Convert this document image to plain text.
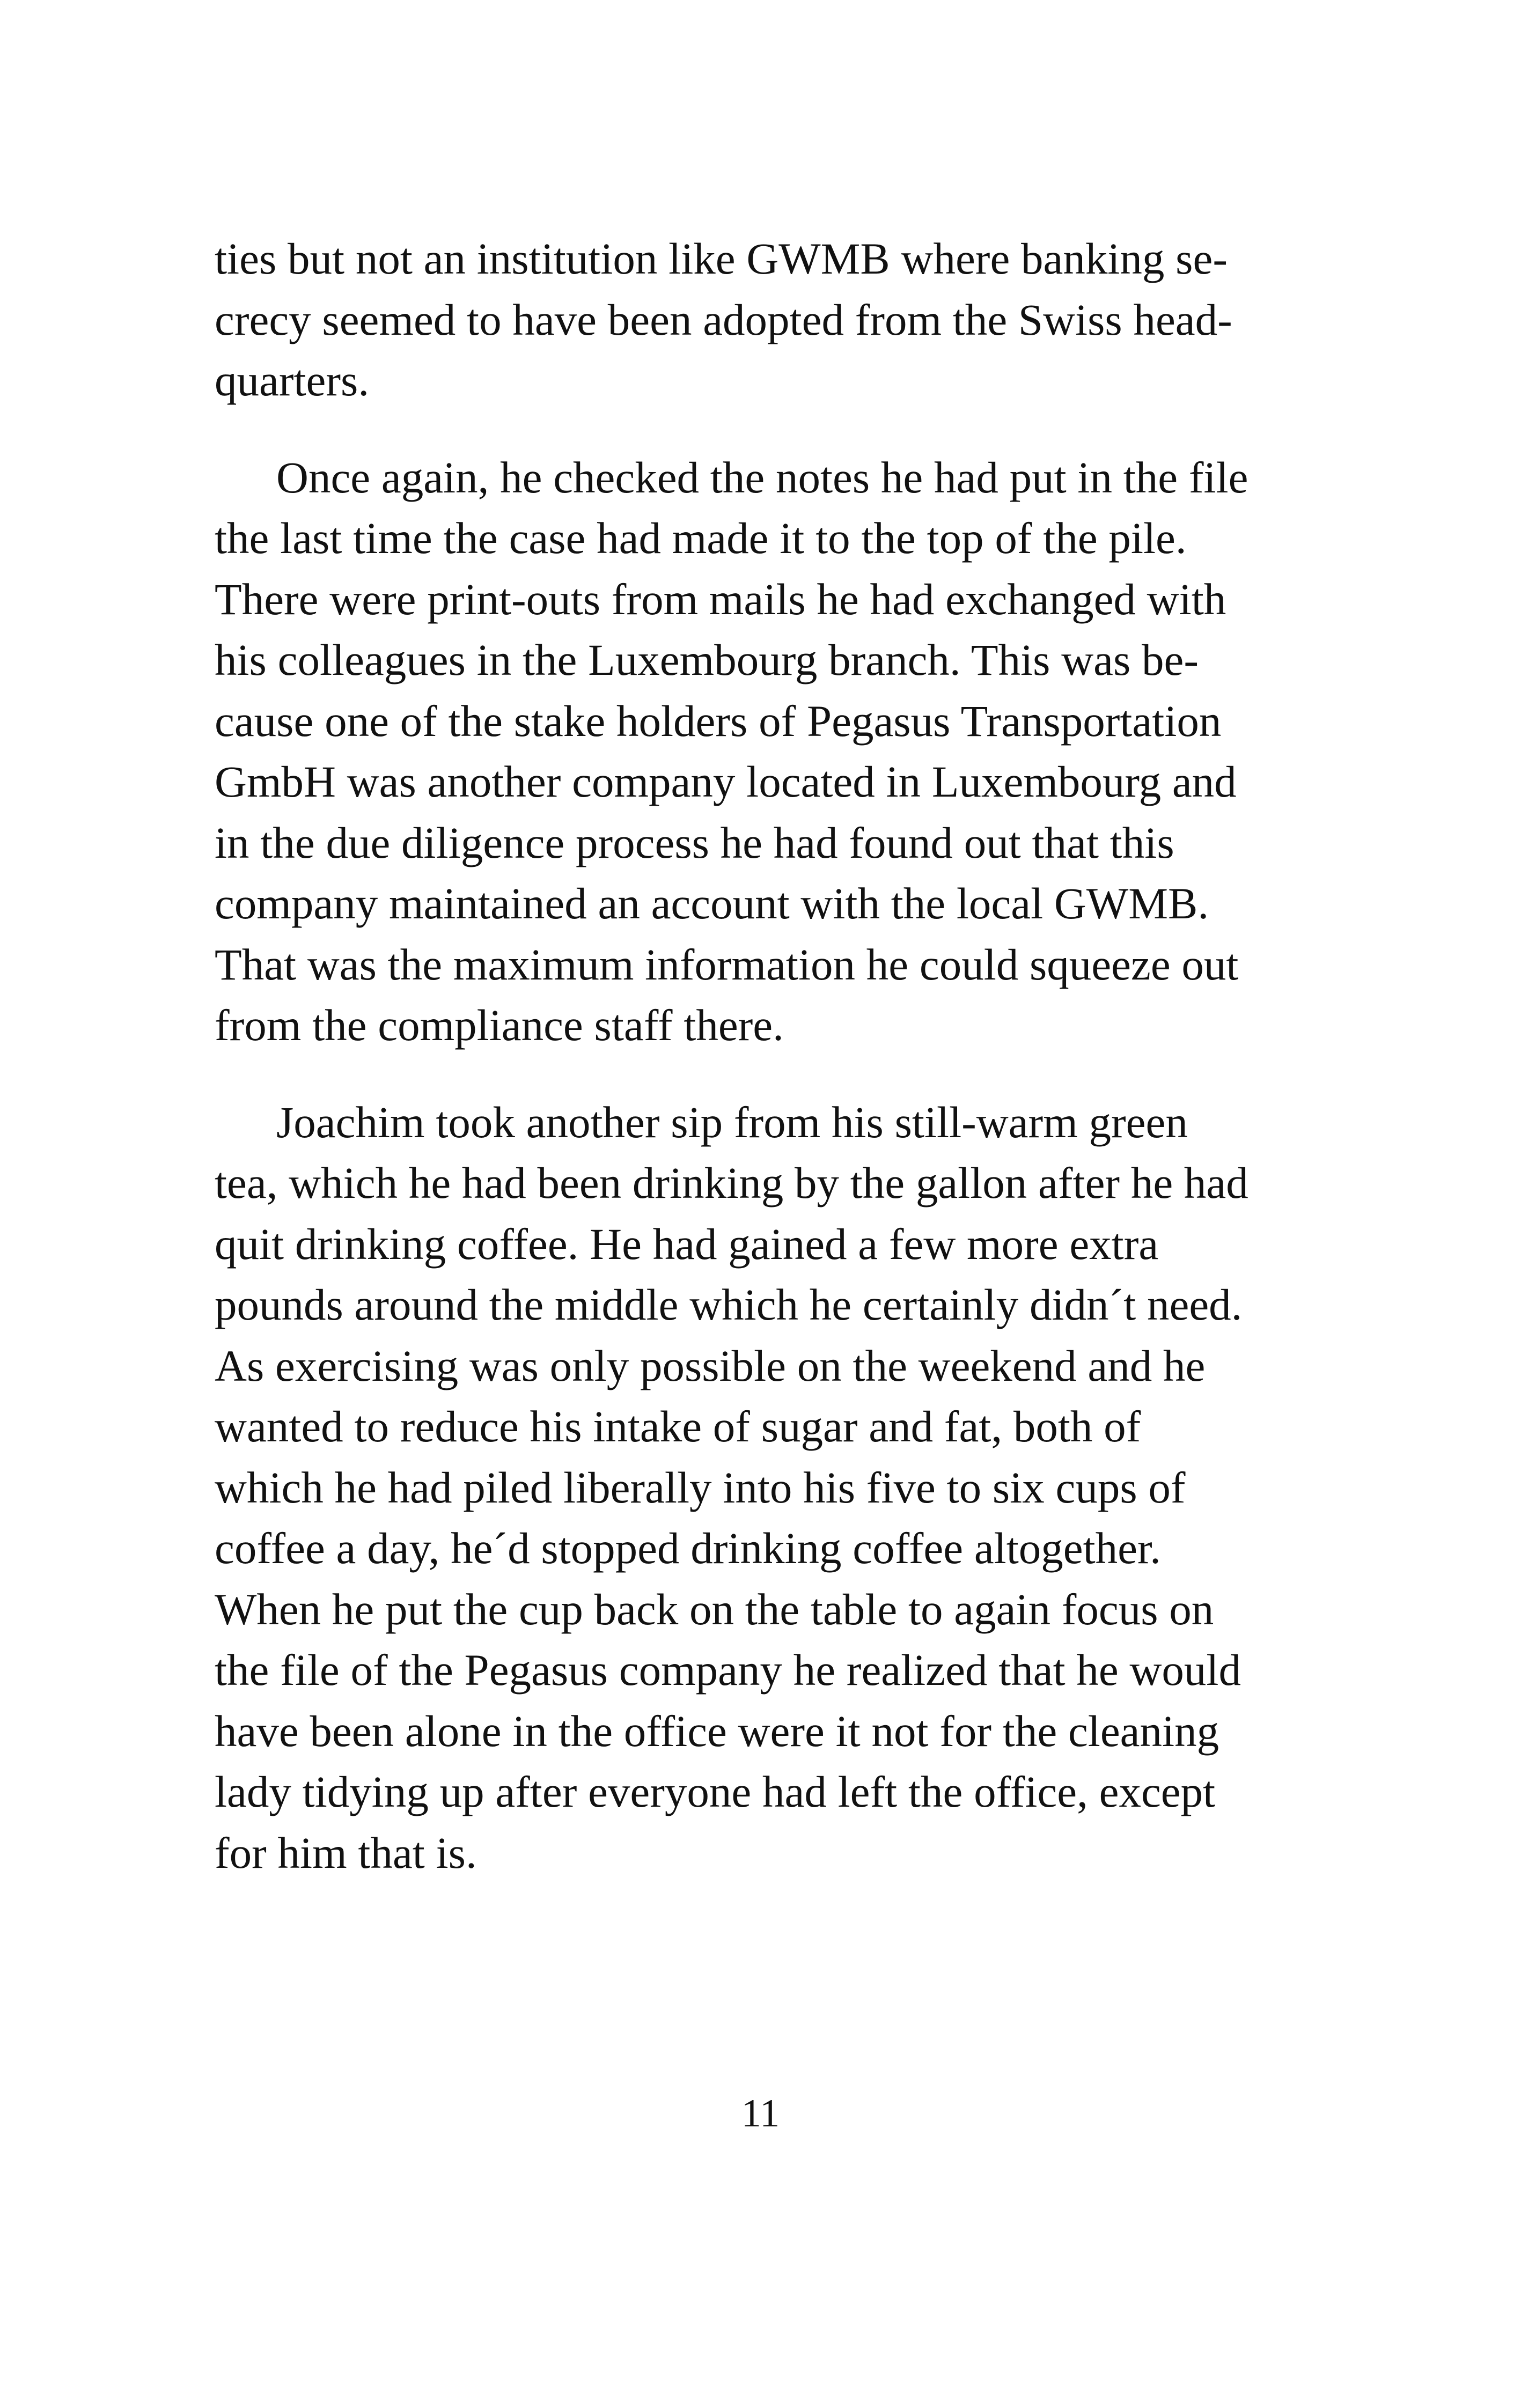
ties but not an institution like GWMB where banking se-
crecy seemed to have been adopted from the Swiss head-
quarters.

Once again, he checked the notes he had put in the file
the last time the case had made it to the top of the pile.
There were print-outs from mails he had exchanged with
his colleagues in the Luxembourg branch. This was be-
cause one of the stake holders of Pegasus Transportation
GmbH was another company located in Luxembourg and
in the due diligence process he had found out that this
company maintained an account with the local GWMB.
That was the maximum information he could squeeze out
from the compliance staff there.

Joachim took another sip from his still-warm green
tea, which he had been drinking by the gallon after he had
quit drinking coffee. He had gained a few more extra
pounds around the middle which he certainly didn´t need.
As exercising was only possible on the weekend and he
wanted to reduce his intake of sugar and fat, both of
which he had piled liberally into his five to six cups of
coffee a day, he´d stopped drinking coffee altogether.
When he put the cup back on the table to again focus on
the file of the Pegasus company he realized that he would
have been alone in the office were it not for the cleaning
lady tidying up after everyone had left the office, except
for him that is.

11
